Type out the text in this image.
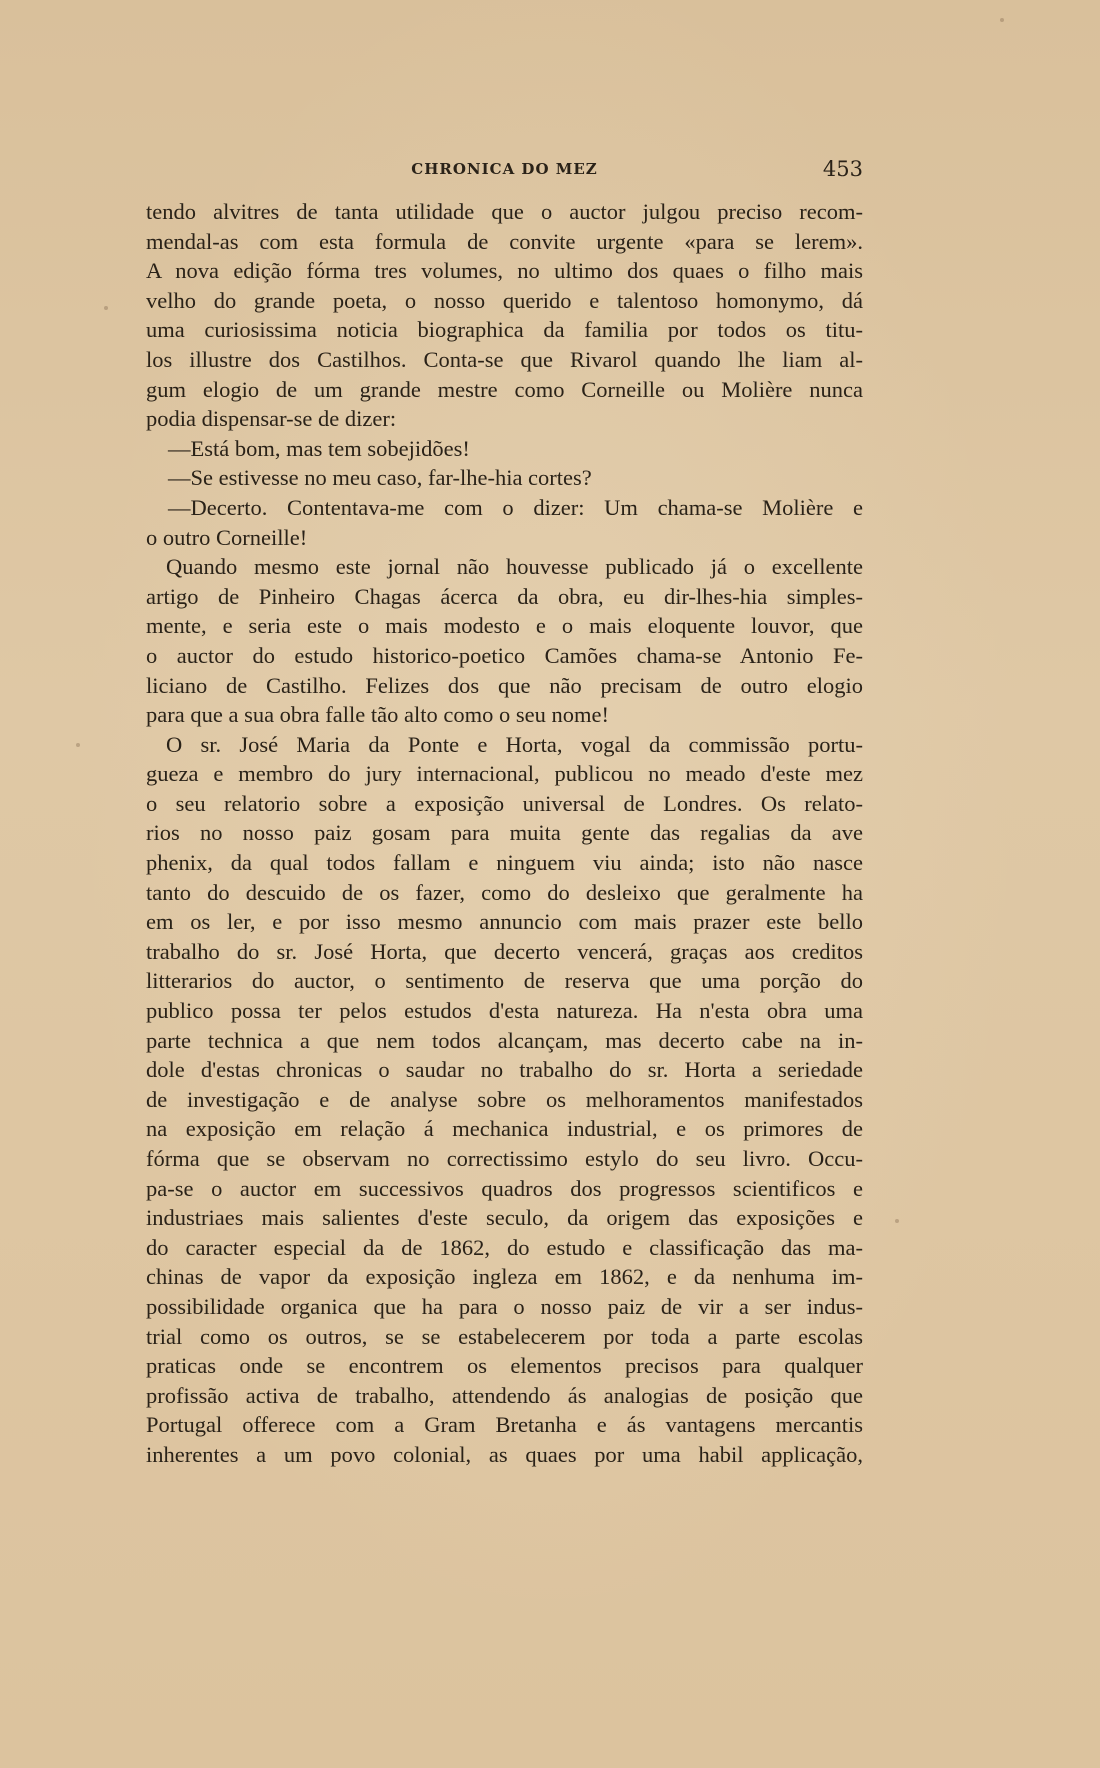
CHRONICA DO MEZ	453
tendo alvitres de tanta utilidade que o auctor julgou preciso recom-
mendal-as com esta formula de convite urgente «para se lerem».
A nova edição fórma tres volumes, no ultimo dos quaes o filho mais
velho do grande poeta, o nosso querido e talentoso homonymo, dá
uma curiosissima noticia biographica da familia por todos os titu-
los illustre dos Castilhos. Conta-se que Rivarol quando lhe liam al-
gum elogio de um grande mestre como Corneille ou Molière nunca
podia dispensar-se de dizer:
—Está bom, mas tem sobejidões!
—Se estivesse no meu caso, far-lhe-hia cortes?
—Decerto. Contentava-me com o dizer: Um chama-se Molière e
o outro Corneille!
Quando mesmo este jornal não houvesse publicado já o excellente
artigo de Pinheiro Chagas ácerca da obra, eu dir-lhes-hia simples-
mente, e seria este o mais modesto e o mais eloquente louvor, que
o auctor do estudo historico-poetico Camões chama-se Antonio Fe-
liciano de Castilho. Felizes dos que não precisam de outro elogio
para que a sua obra falle tão alto como o seu nome!
O sr. José Maria da Ponte e Horta, vogal da commissão portu-
gueza e membro do jury internacional, publicou no meado d'este mez
o seu relatorio sobre a exposição universal de Londres. Os relato-
rios no nosso paiz gosam para muita gente das regalias da ave
phenix, da qual todos fallam e ninguem viu ainda; isto não nasce
tanto do descuido de os fazer, como do desleixo que geralmente ha
em os ler, e por isso mesmo annuncio com mais prazer este bello
trabalho do sr. José Horta, que decerto vencerá, graças aos creditos
litterarios do auctor, o sentimento de reserva que uma porção do
publico possa ter pelos estudos d'esta natureza. Ha n'esta obra uma
parte technica a que nem todos alcançam, mas decerto cabe na in-
dole d'estas chronicas o saudar no trabalho do sr. Horta a seriedade
de investigação e de analyse sobre os melhoramentos manifestados
na exposição em relação á mechanica industrial, e os primores de
fórma que se observam no correctissimo estylo do seu livro. Occu-
pa-se o auctor em successivos quadros dos progressos scientificos e
industriaes mais salientes d'este seculo, da origem das exposições e
do caracter especial da de 1862, do estudo e classificação das ma-
chinas de vapor da exposição ingleza em 1862, e da nenhuma im-
possibilidade organica que ha para o nosso paiz de vir a ser indus-
trial como os outros, se se estabelecerem por toda a parte escolas
praticas onde se encontrem os elementos precisos para qualquer
profissão activa de trabalho, attendendo ás analogias de posição que
Portugal offerece com a Gram Bretanha e ás vantagens mercantis
inherentes a um povo colonial, as quaes por uma habil applicação,
